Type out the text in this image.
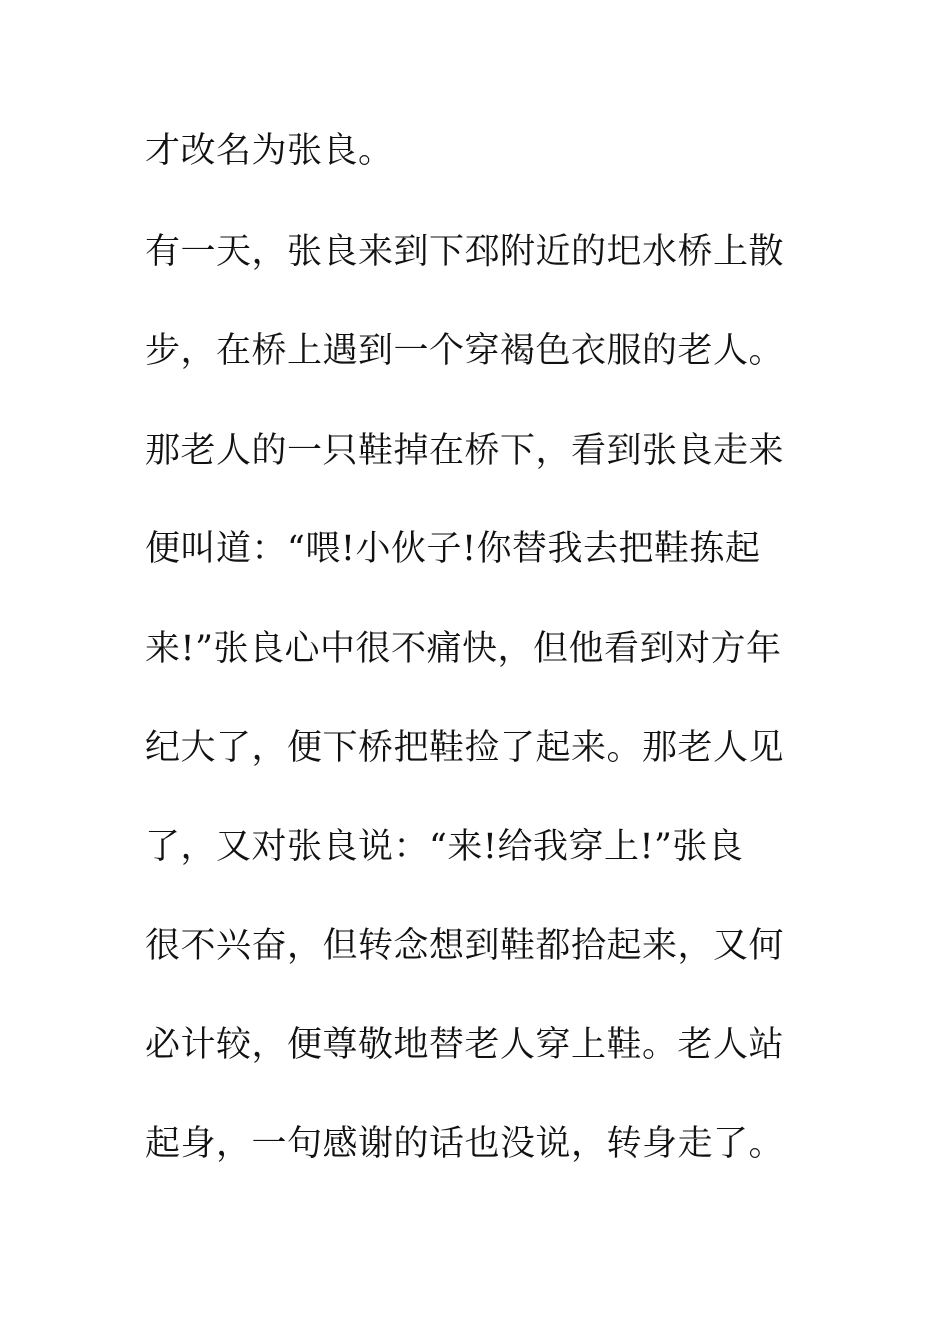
才改名为张良。
有一天，张良来到下邳附近的圯水桥上散
步，在桥上遇到一个穿褐色衣服的老人。
那老人的一只鞋掉在桥下，看到张良走来
便叫道：“喂!小伙子!你替我去把鞋拣起
来!”张良心中很不痛快，但他看到对方年
纪大了，便下桥把鞋捡了起来。那老人见
了，又对张良说：“来!给我穿上!”张良
很不兴奋，但转念想到鞋都拾起来，又何
必计较，便尊敬地替老人穿上鞋。老人站
起身，一句感谢的话也没说，转身走了。
